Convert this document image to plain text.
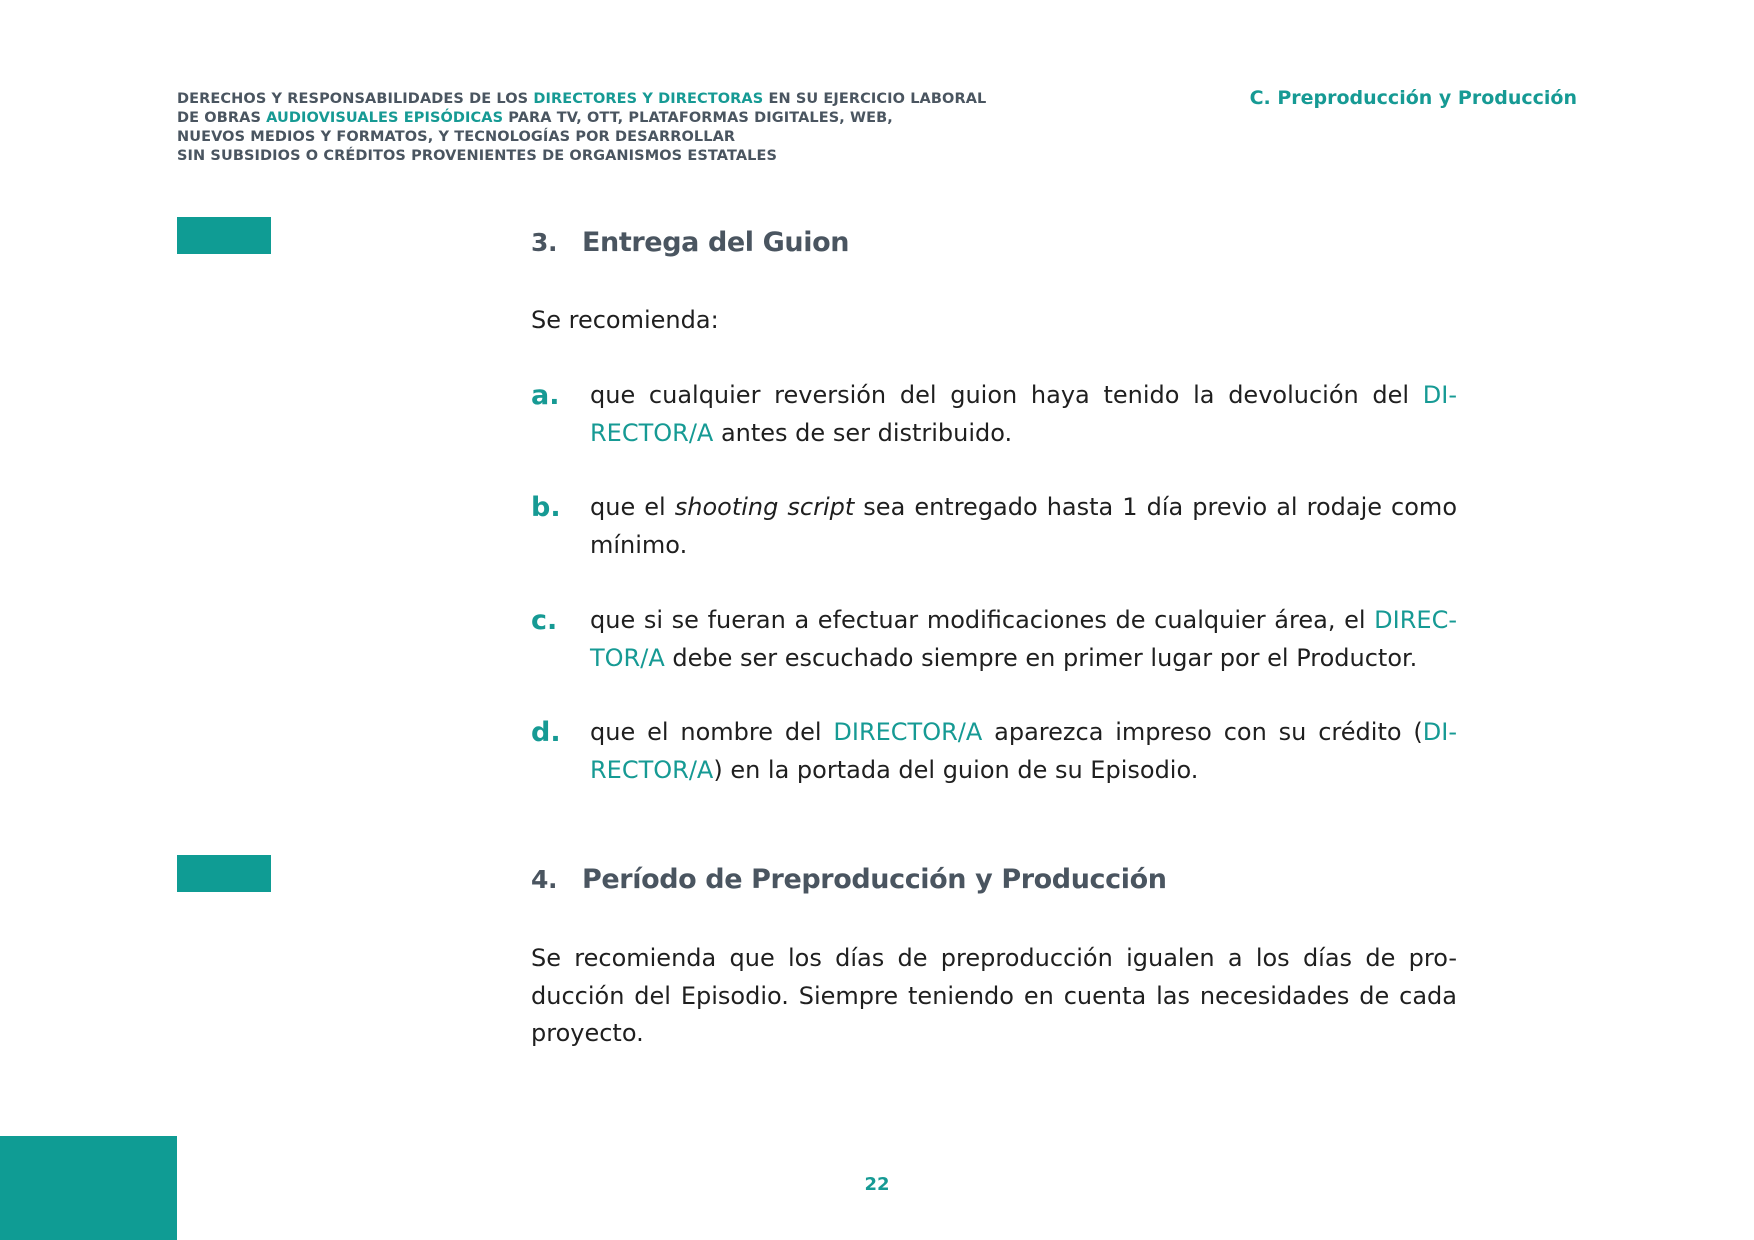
DERECHOS Y RESPONSABILIDADES DE LOS DIRECTORES Y DIRECTORAS EN SU EJERCICIO LABORAL
DE OBRAS AUDIOVISUALES EPISÓDICAS PARA TV, OTT, PLATAFORMAS DIGITALES, WEB,
NUEVOS MEDIOS Y FORMATOS, Y TECNOLOGÍAS POR DESARROLLAR
SIN SUBSIDIOS O CRÉDITOS PROVENIENTES DE ORGANISMOS ESTATALES
C. Preproducción y Producción
3. Entrega del Guion
Se recomienda:
a. que cualquier reversión del guion haya tenido la devolución del DI-RECTOR/A antes de ser distribuido.
b. que el shooting script sea entregado hasta 1 día previo al rodaje como mínimo.
c. que si se fueran a efectuar modificaciones de cualquier área, el DIREC-TOR/A debe ser escuchado siempre en primer lugar por el Productor.
d. que el nombre del DIRECTOR/A aparezca impreso con su crédito (DI-RECTOR/A) en la portada del guion de su Episodio.
4. Período de Preproducción y Producción
Se recomienda que los días de preproducción igualen a los días de pro-ducción del Episodio. Siempre teniendo en cuenta las necesidades de cada proyecto.
22
